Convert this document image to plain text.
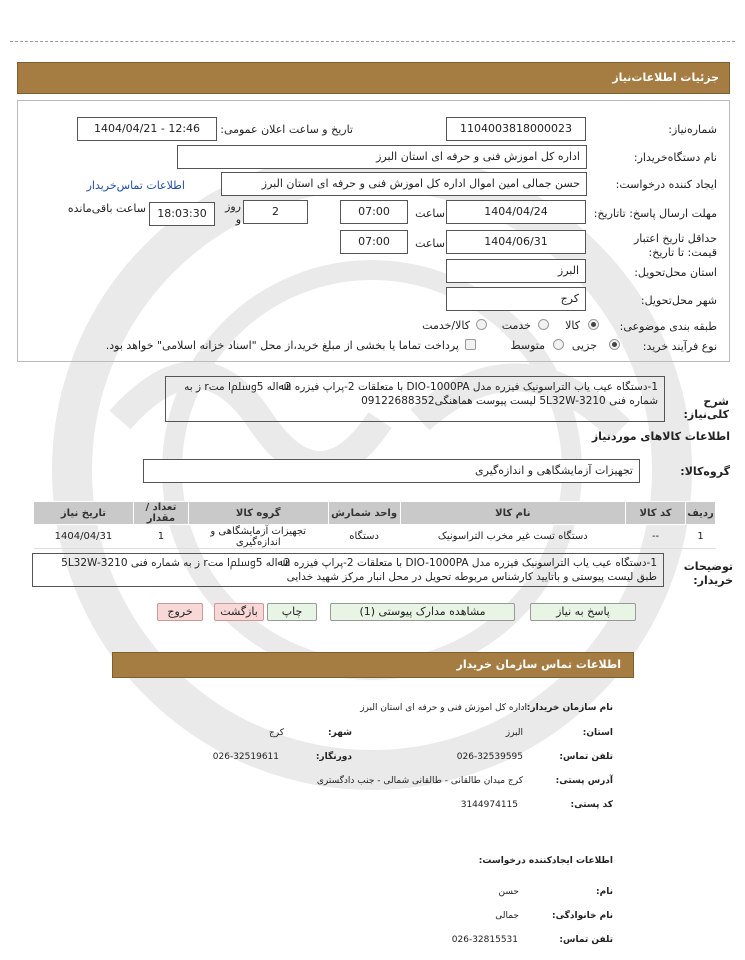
جزئیات اطلاعات‌نیاز
شماره‌نیاز:
1104003818000023
تاریخ و ساعت اعلان عمومی:
1404/04/21 - 12:46
نام دستگاه‌خریدار:
اداره کل اموزش فنی و حرفه ای استان البرز
ایجاد کننده درخواست:
حسن جمالی امین اموال اداره کل اموزش فنی و حرفه ای استان البرز
اطلاعات تماس‌خریدار
مهلت ارسال پاسخ: تاتاریخ:
1404/04/24
ساعت
07:00
2
روز و
18:03:30
ساعت باقی‌مانده
حداقل تاریخ اعتبار قیمت: تا تاریخ:
1404/06/31
ساعت
07:00
استان محل‌تحویل:
البرز
شهر محل‌تحویل:
کرج
طبقه بندی موضوعی:
کالا
خدمت
کالا/خدمت
نوع فرآیند خرید:
جزیی
متوسط
پرداخت تماما یا بخشی از مبلغ خرید،از محل "اسناد خزانه اسلامی" خواهد بود.
شرح کلی‌نیاز:
1-دستگاه عیب یاب التراسونیک فیزره مدل DIO-1000PA با متعلقات 2-پراپ فیزره 2ﷲاله 5ﷸا متr ز به شماره فنی 5L32W-3210 لیست پیوست هماهنگی09122688352
اطلاعات کالاهای موردنیاز
گروه‌کالا:
تجهیزات آزمایشگاهی و اندازه‌گیری
ردیف	کد کالا	نام کالا	واحد شمارش	گروه کالا	تعداد / مقدار	تاریخ نیاز
1	--	دستگاه تست غیر مخرب التراسونیک	دستگاه	تجهیزات آزمایشگاهی و اندازه‌گیری	1	1404/04/31
توضیحات خریدار:
1-دستگاه عیب یاب التراسونیک فیزره مدل DIO-1000PA با متعلقات 2-پراپ فیزره 2ﷲاله 5ﷸا متr ز به شماره فنی 5L32W-3210 طبق لیست پیوستی و باتایید کارشناس مربوطه تحویل در محل انبار مرکز شهید خدایی
پاسخ به نیاز
مشاهده مدارک پیوستی (1)
چاپ
بازگشت
خروج
اطلاعات تماس سازمان خریدار
نام سازمان خریدار:
اداره کل اموزش فنی و حرفه ای استان البرز
استان:
البرز
شهر:
کرج
تلفن تماس:
026-32539595
دورنگار:
026-32519611
آدرس پستی:
کرج میدان طالقانی - طالقانی شمالی - جنب دادگستری
کد پستی:
3144974115
اطلاعات ایجادکننده درخواست:
نام:
حسن
نام خانوادگی:
جمالی
تلفن تماس:
026-32815531
